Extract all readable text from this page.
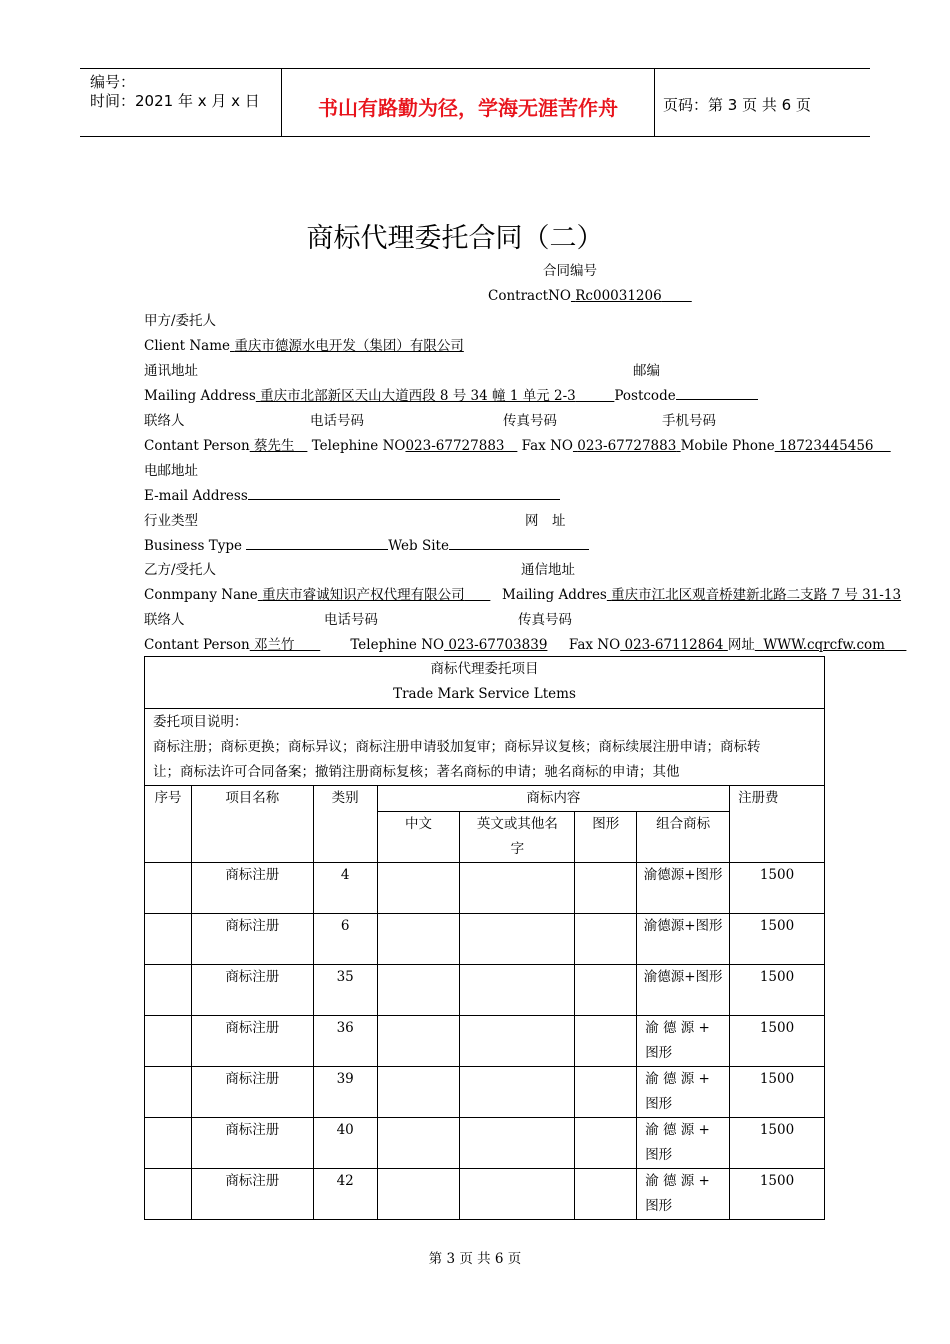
编号：
时间：2021 年 x 月 x 日	书山有路勤为径，学海无涯苦作舟	页码：第 3 页 共 6 页
商标代理委托合同（二）
合同编号
ContractNO Rc00031206
甲方/委托人
Client Name 重庆市德源水电开发（集团）有限公司
通讯地址	邮编
Mailing Address 重庆市北部新区天山大道西段 8 号 34 幢 1 单元 2-3	Postcode
联络人	电话号码	传真号码	手机号码
Contant Person 蔡先生 Telephine NO023-67727883 Fax NO 023-67727883 Mobile Phone 18723445456
电邮地址
E-mail Address
行业类型	网　址
Business Type	Web Site
乙方/受托人	通信地址
Conmpany Nane 重庆市睿诚知识产权代理有限公司	Mailing Addres 重庆市江北区观音桥建新北路二支路 7 号 31-13
联络人	电话号码	传真号码
Contant Person 邓兰竹	Telephine NO 023-67703839 Fax NO 023-67112864 网址 WWW.cqrcfw.com
商标代理委托项目
Trade Mark Service Ltems							

委托项目说明：
商标注册；商标更换；商标异议；商标注册申请驳加复审；商标异议复核；商标续展注册申请；商标转
让；商标法许可合同备案；撤销注册商标复核；著名商标的申请；驰名商标的申请；其他							

序号	项目名称	类别	商标内容				注册费
			中文	英文或其他名字	图形	组合商标	
	商标注册	4				渝德源+图形	1500
	商标注册	6				渝德源+图形	1500
	商标注册	35				渝德源+图形	1500
	商标注册	36				渝 德 源 + 图形	1500
	商标注册	39				渝 德 源 + 图形	1500
	商标注册	40				渝 德 源 + 图形	1500
	商标注册	42				渝 德 源 + 图形	1500
第 3 页 共 6 页
